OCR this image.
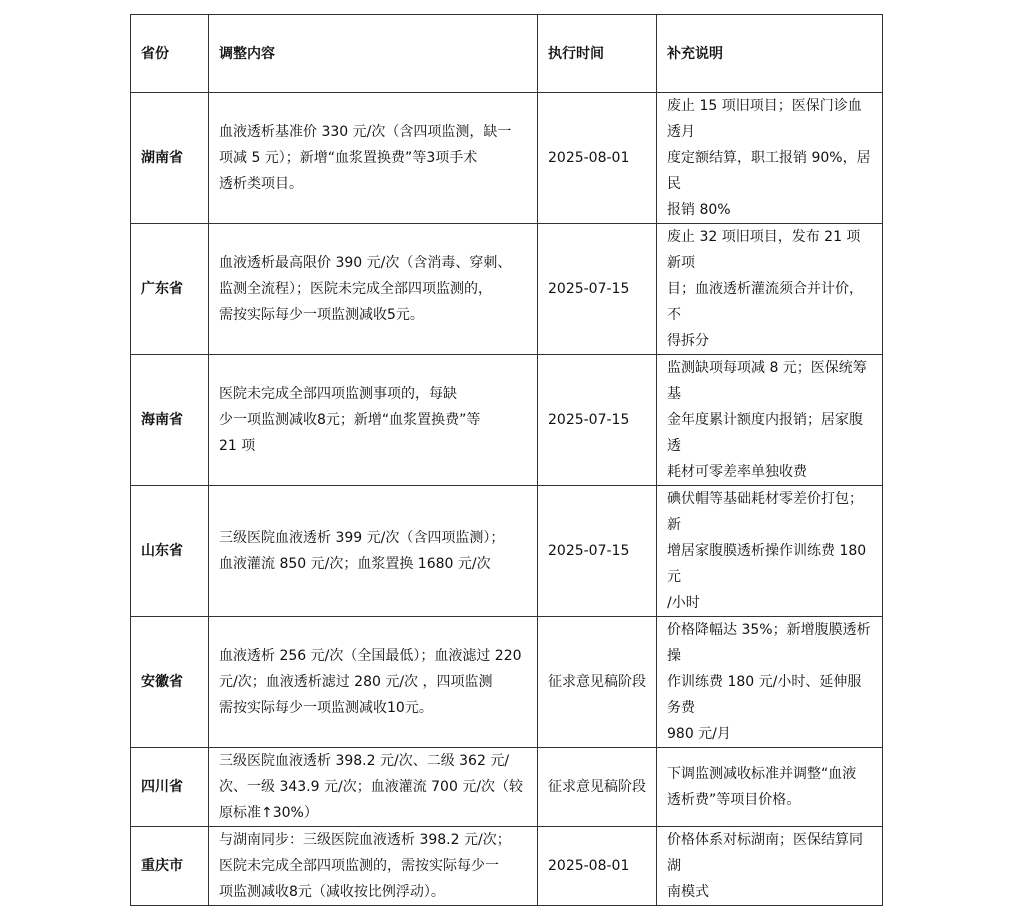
省份	调整内容	执行时间	补充说明
湖南省	血液透析基准价 330 元/次（含四项监测，缺一
项减 5 元）；新增“血浆置换费”等3项手术
透析类项目。	2025-08-01	废止 15 项旧项目；医保门诊血透月
度定额结算，职工报销 90%，居民
报销 80%
广东省	血液透析最高限价 390 元/次（含消毒、穿刺、
监测全流程）；医院未完成全部四项监测的，
需按实际每少一项监测减收5元。	2025-07-15	废止 32 项旧项目，发布 21 项新项
目；血液透析灌流须合并计价，不
得拆分
海南省	医院未完成全部四项监测事项的，每缺
少一项监测减收8元；新增“血浆置换费”等
21 项	2025-07-15	监测缺项每项减 8 元；医保统筹基
金年度累计额度内报销；居家腹透
耗材可零差率单独收费
山东省	三级医院血液透析 399 元/次（含四项监测）；
血液灌流 850 元/次；血浆置换 1680 元/次	2025-07-15	碘伏帽等基础耗材零差价打包；新
增居家腹膜透析操作训练费 180 元
/小时
安徽省	血液透析 256 元/次（全国最低）；血液滤过 220
元/次；血液透析滤过 280 元/次 ，四项监测
需按实际每少一项监测减收10元。	征求意见稿阶段	价格降幅达 35%；新增腹膜透析操
作训练费 180 元/小时、延伸服务费
980 元/月
四川省	三级医院血液透析 398.2 元/次、二级 362 元/
次、一级 343.9 元/次；血液灌流 700 元/次（较
原标准↑30%）	征求意见稿阶段	下调监测减收标准并调整“血液
透析费”等项目价格。
重庆市	与湖南同步：三级医院血液透析 398.2 元/次；
医院未完成全部四项监测的，需按实际每少一
项监测减收8元（减收按比例浮动）。	2025-08-01	价格体系对标湖南；医保结算同湖
南模式
